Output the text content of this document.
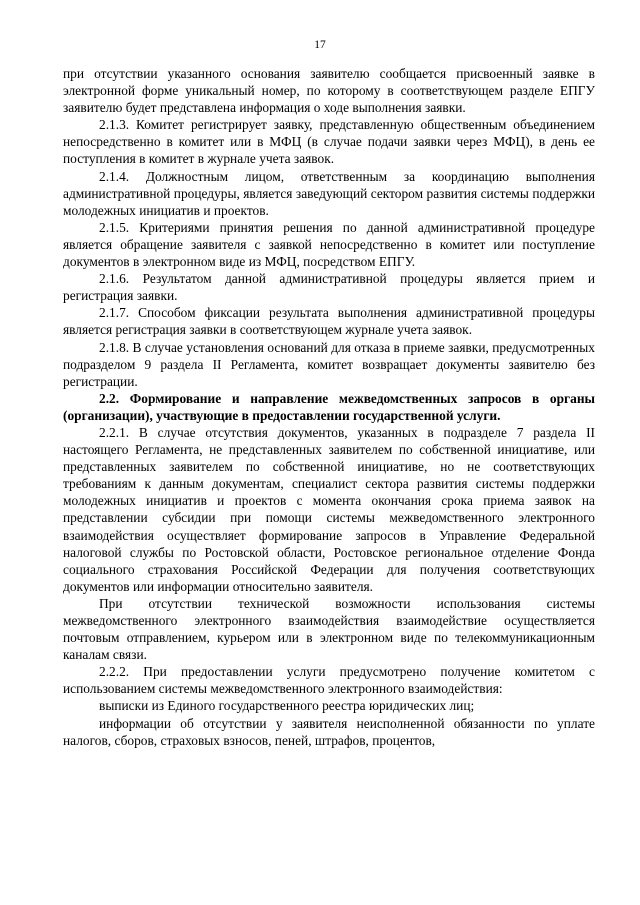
17

при отсутствии указанного основания заявителю сообщается присвоенный заявке в электронной форме уникальный номер, по которому в соответствующем разделе ЕПГУ заявителю будет представлена информация о ходе выполнения заявки.

2.1.3. Комитет регистрирует заявку, представленную общественным объединением непосредственно в комитет или в МФЦ (в случае подачи заявки через МФЦ), в день ее поступления в комитет в журнале учета заявок.

2.1.4. Должностным лицом, ответственным за координацию выполнения административной процедуры, является заведующий сектором развития системы поддержки молодежных инициатив и проектов.

2.1.5. Критериями принятия решения по данной административной процедуре является обращение заявителя с заявкой непосредственно в комитет или поступление документов в электронном виде из МФЦ, посредством ЕПГУ.

2.1.6. Результатом данной административной процедуры является прием и регистрация заявки.

2.1.7. Способом фиксации результата выполнения административной процедуры является регистрация заявки в соответствующем журнале учета заявок.

2.1.8. В случае установления оснований для отказа в приеме заявки, предусмотренных подразделом 9 раздела II Регламента, комитет возвращает документы заявителю без регистрации.

2.2. Формирование и направление межведомственных запросов в органы (организации), участвующие в предоставлении государственной услуги.

2.2.1. В случае отсутствия документов, указанных в подразделе 7 раздела II настоящего Регламента, не представленных заявителем по собственной инициативе, или представленных заявителем по собственной инициативе, но не соответствующих требованиям к данным документам, специалист сектора развития системы поддержки молодежных инициатив и проектов с момента окончания срока приема заявок на представлении субсидии при помощи системы межведомственного электронного взаимодействия осуществляет формирование запросов в Управление Федеральной налоговой службы по Ростовской области, Ростовское региональное отделение Фонда социального страхования Российской Федерации для получения соответствующих документов или информации относительно заявителя.

При отсутствии технической возможности использования системы межведомственного электронного взаимодействия взаимодействие осуществляется почтовым отправлением, курьером или в электронном виде по телекоммуникационным каналам связи.

2.2.2. При предоставлении услуги предусмотрено получение комитетом с использованием системы межведомственного электронного взаимодействия:

выписки из Единого государственного реестра юридических лиц;

информации об отсутствии у заявителя неисполненной обязанности по уплате налогов, сборов, страховых взносов, пеней, штрафов, процентов,
